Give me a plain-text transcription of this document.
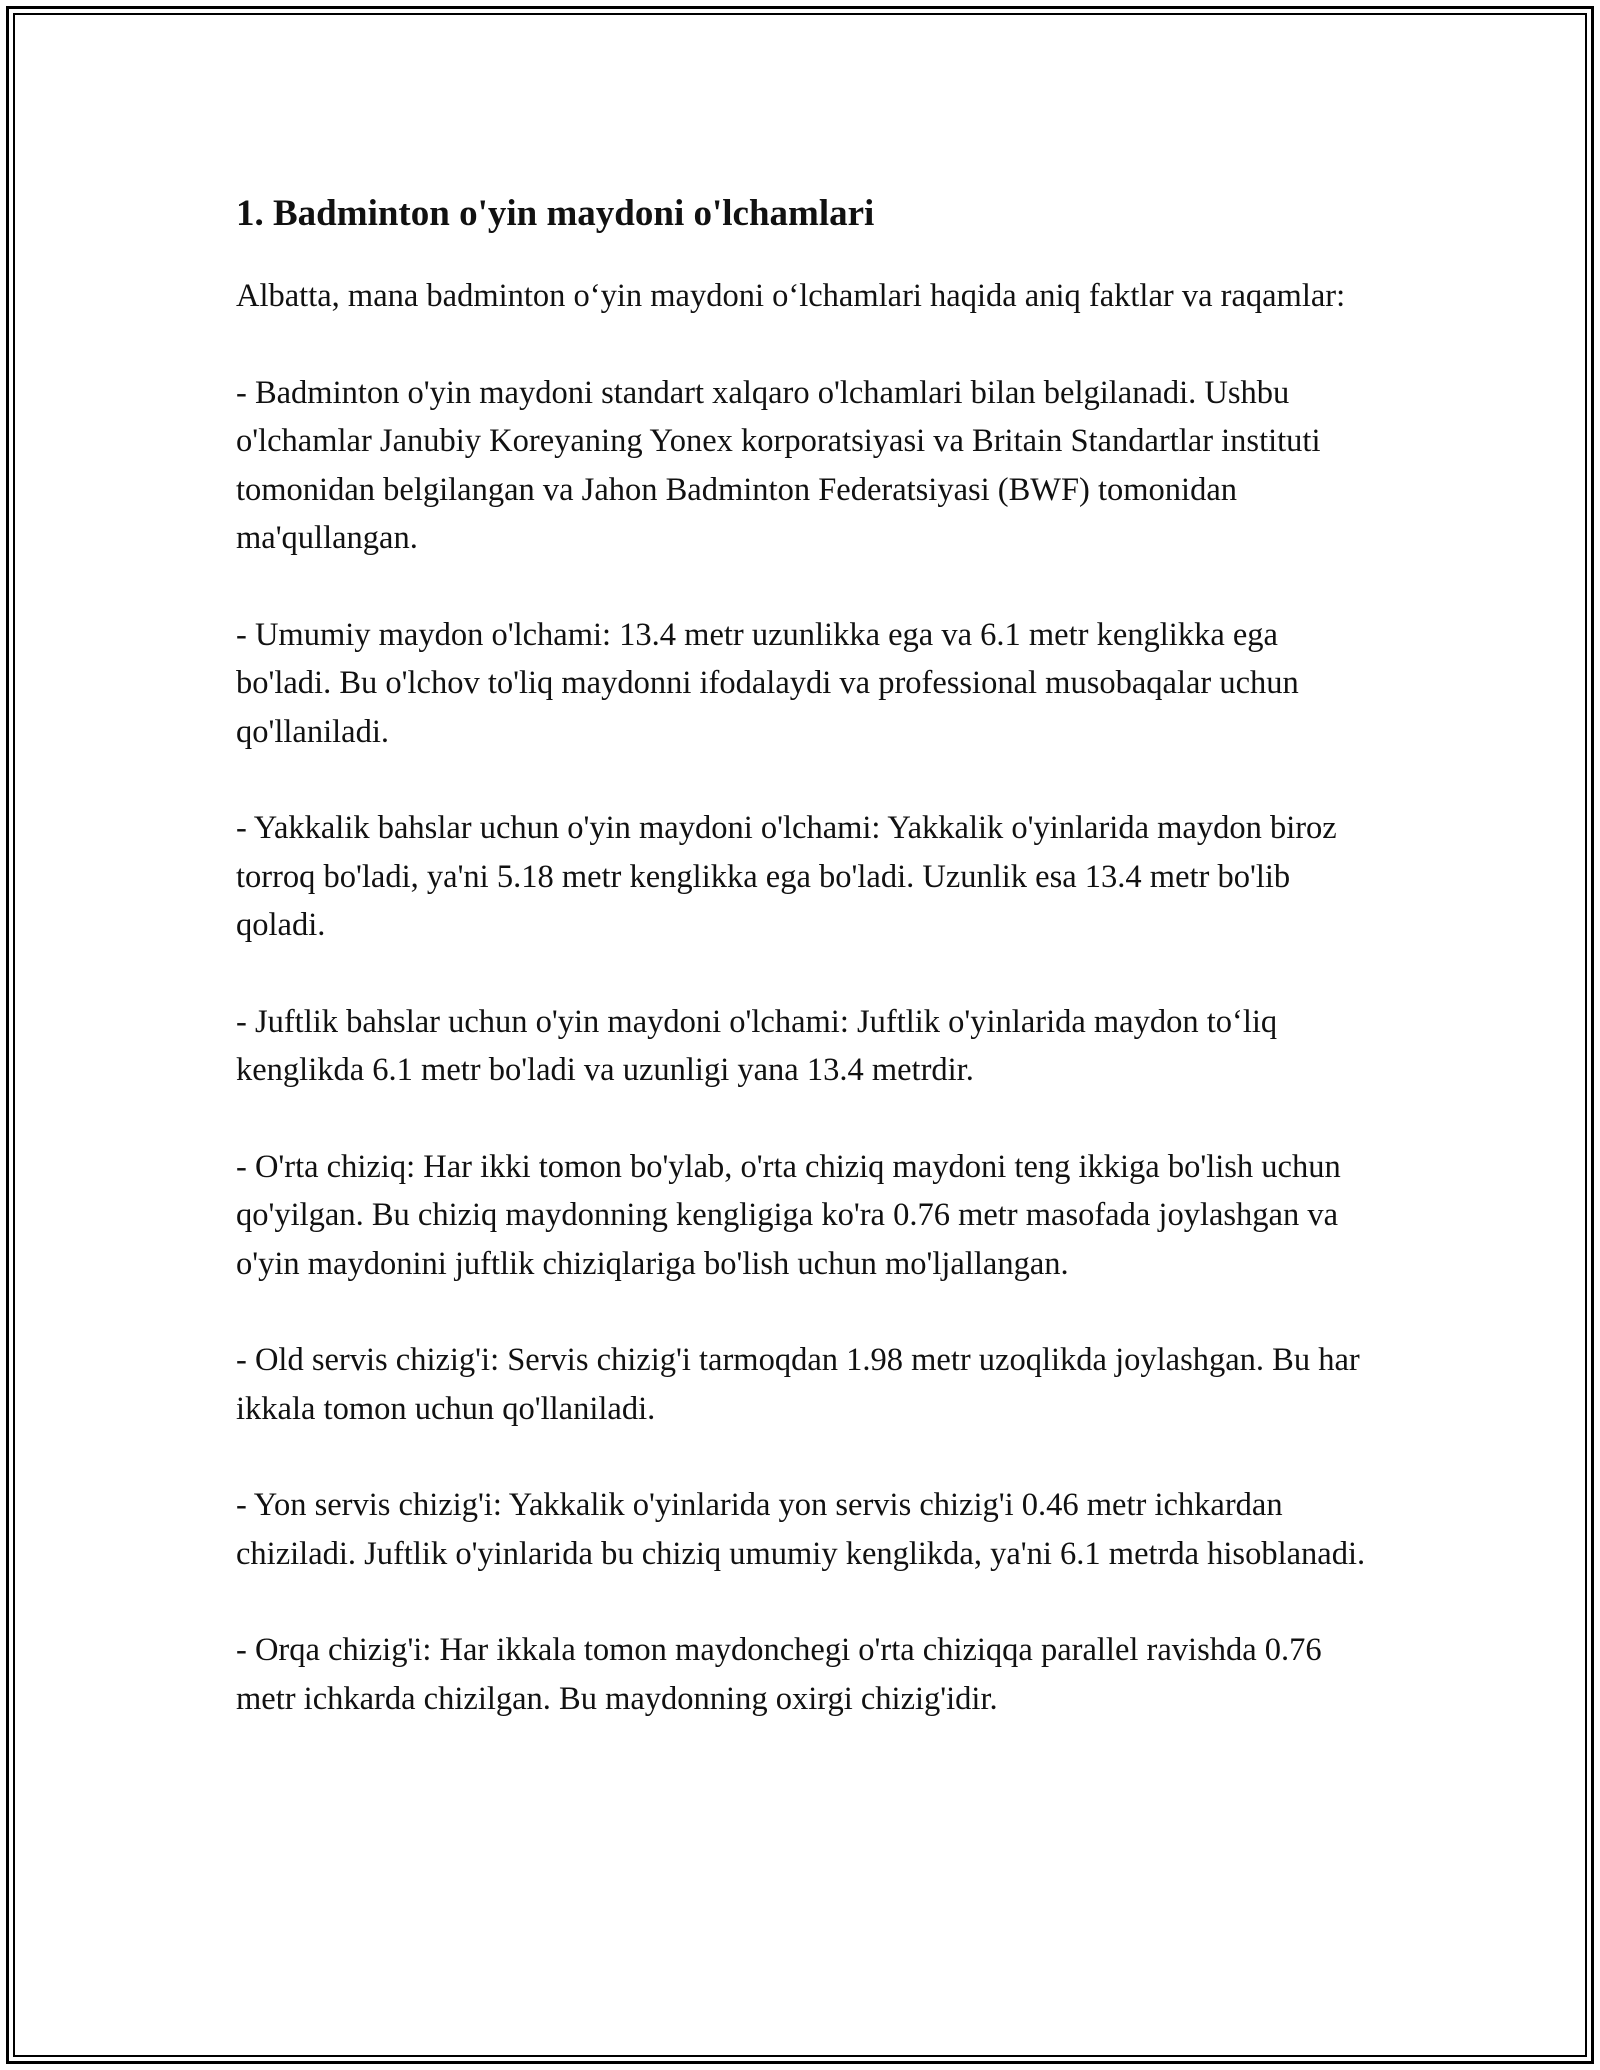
1. Badminton o'yin maydoni o'lchamlari

Albatta, mana badminton o‘yin maydoni o‘lchamlari haqida aniq faktlar va raqamlar:

- Badminton o'yin maydoni standart xalqaro o'lchamlari bilan belgilanadi. Ushbu o'lchamlar Janubiy Koreyaning Yonex korporatsiyasi va Britain Standartlar instituti tomonidan belgilangan va Jahon Badminton Federatsiyasi (BWF) tomonidan ma'qullangan.

- Umumiy maydon o'lchami: 13.4 metr uzunlikka ega va 6.1 metr kenglikka ega bo'ladi. Bu o'lchov to'liq maydonni ifodalaydi va professional musobaqalar uchun qo'llaniladi.

- Yakkalik bahslar uchun o'yin maydoni o'lchami: Yakkalik o'yinlarida maydon biroz torroq bo'ladi, ya'ni 5.18 metr kenglikka ega bo'ladi. Uzunlik esa 13.4 metr bo'lib qoladi.

- Juftlik bahslar uchun o'yin maydoni o'lchami: Juftlik o'yinlarida maydon to‘liq kenglikda 6.1 metr bo'ladi va uzunligi yana 13.4 metrdir.

- O'rta chiziq: Har ikki tomon bo'ylab, o'rta chiziq maydoni teng ikkiga bo'lish uchun qo'yilgan. Bu chiziq maydonning kengligiga ko'ra 0.76 metr masofada joylashgan va o'yin maydonini juftlik chiziqlariga bo'lish uchun mo'ljallangan.

- Old servis chizig'i: Servis chizig'i tarmoqdan 1.98 metr uzoqlikda joylashgan. Bu har ikkala tomon uchun qo'llaniladi.

- Yon servis chizig'i: Yakkalik o'yinlarida yon servis chizig'i 0.46 metr ichkardan chiziladi. Juftlik o'yinlarida bu chiziq umumiy kenglikda, ya'ni 6.1 metrda hisoblanadi.

- Orqa chizig'i: Har ikkala tomon maydonchegi o'rta chiziqqa parallel ravishda 0.76 metr ichkarda chizilgan. Bu maydonning oxirgi chizig'idir.
